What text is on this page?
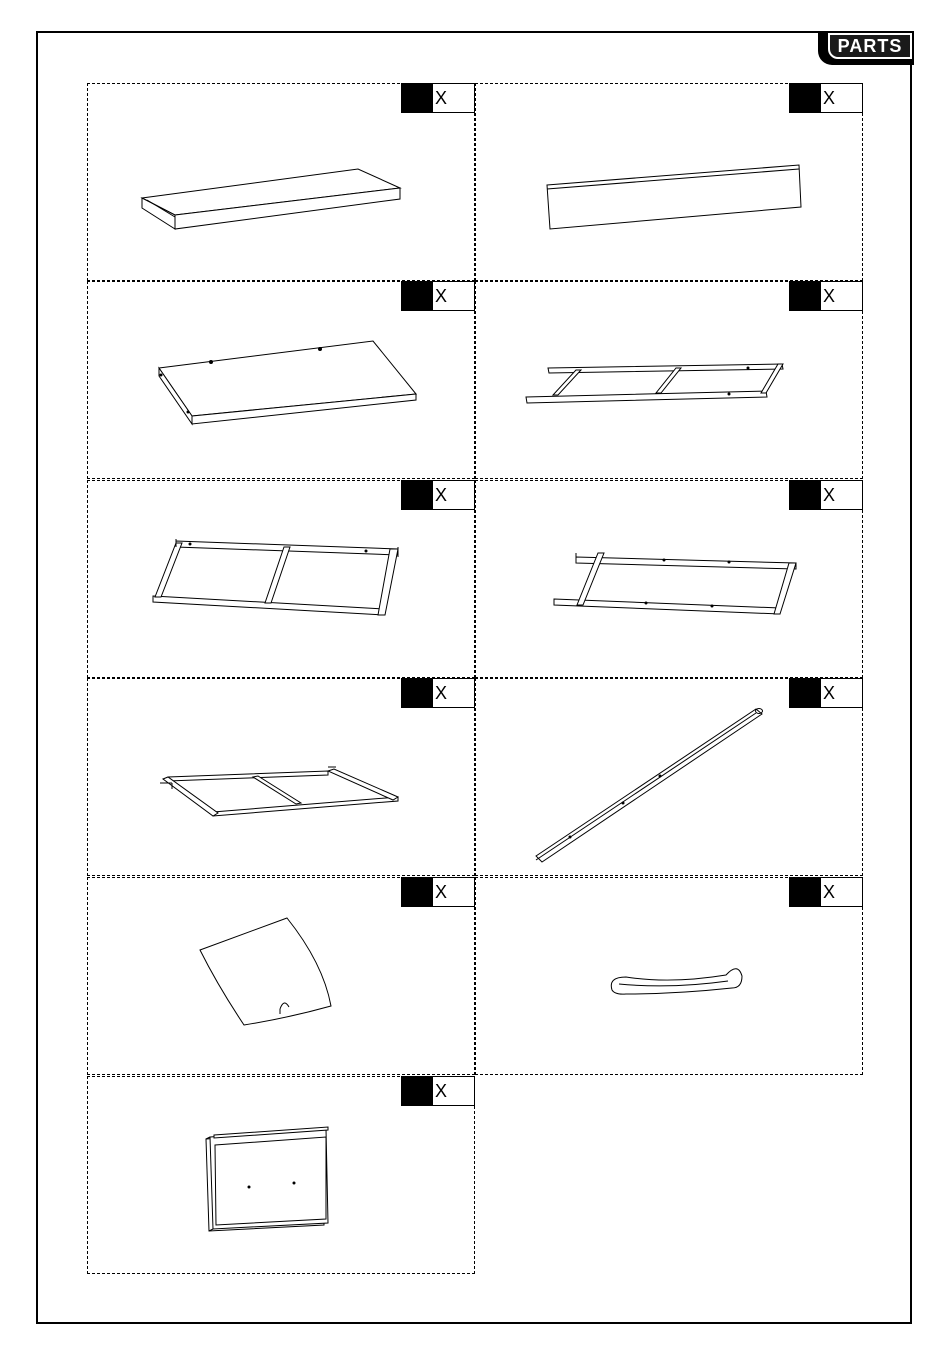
PARTS
X	X
X	X
X	X
X	X
X	X
X
